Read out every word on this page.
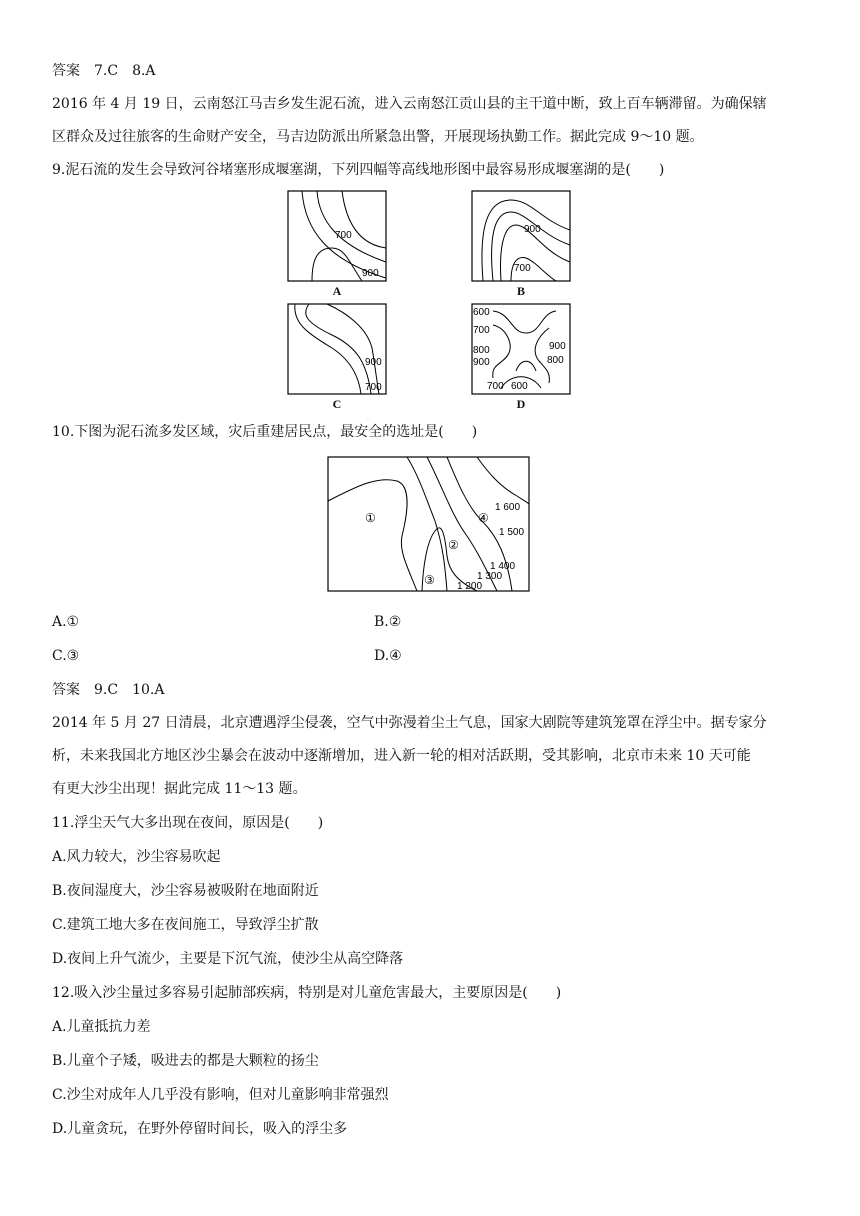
答案　7.C　8.A
2016 年 4 月 19 日，云南怒江马吉乡发生泥石流，进入云南怒江贡山县的主干道中断，致上百车辆滞留。为确保辖
区群众及过往旅客的生命财产安全，马吉边防派出所紧急出警，开展现场执勤工作。据此完成 9～10 题。
9.泥石流的发生会导致河谷堵塞形成堰塞湖，下列四幅等高线地形图中最容易形成堰塞湖的是(　　)
700
900
A
900
700
B
900
700
C
600
700
800
900
900
800
700 600
D
10.下图为泥石流多发区域，灾后重建居民点，最安全的选址是(　　)
①
②
③
④
1 600
1 500
1 400
1 300
1 200
A.①	B.②
C.③	D.④
答案　9.C　10.A
2014 年 5 月 27 日清晨，北京遭遇浮尘侵袭，空气中弥漫着尘土气息，国家大剧院等建筑笼罩在浮尘中。据专家分
析，未来我国北方地区沙尘暴会在波动中逐渐增加，进入新一轮的相对活跃期，受其影响，北京市未来 10 天可能
有更大沙尘出现！据此完成 11～13 题。
11.浮尘天气大多出现在夜间，原因是(　　)
A.风力较大，沙尘容易吹起
B.夜间湿度大，沙尘容易被吸附在地面附近
C.建筑工地大多在夜间施工，导致浮尘扩散
D.夜间上升气流少，主要是下沉气流，使沙尘从高空降落
12.吸入沙尘量过多容易引起肺部疾病，特别是对儿童危害最大，主要原因是(　　)
A.儿童抵抗力差
B.儿童个子矮，吸进去的都是大颗粒的扬尘
C.沙尘对成年人几乎没有影响，但对儿童影响非常强烈
D.儿童贪玩，在野外停留时间长，吸入的浮尘多
